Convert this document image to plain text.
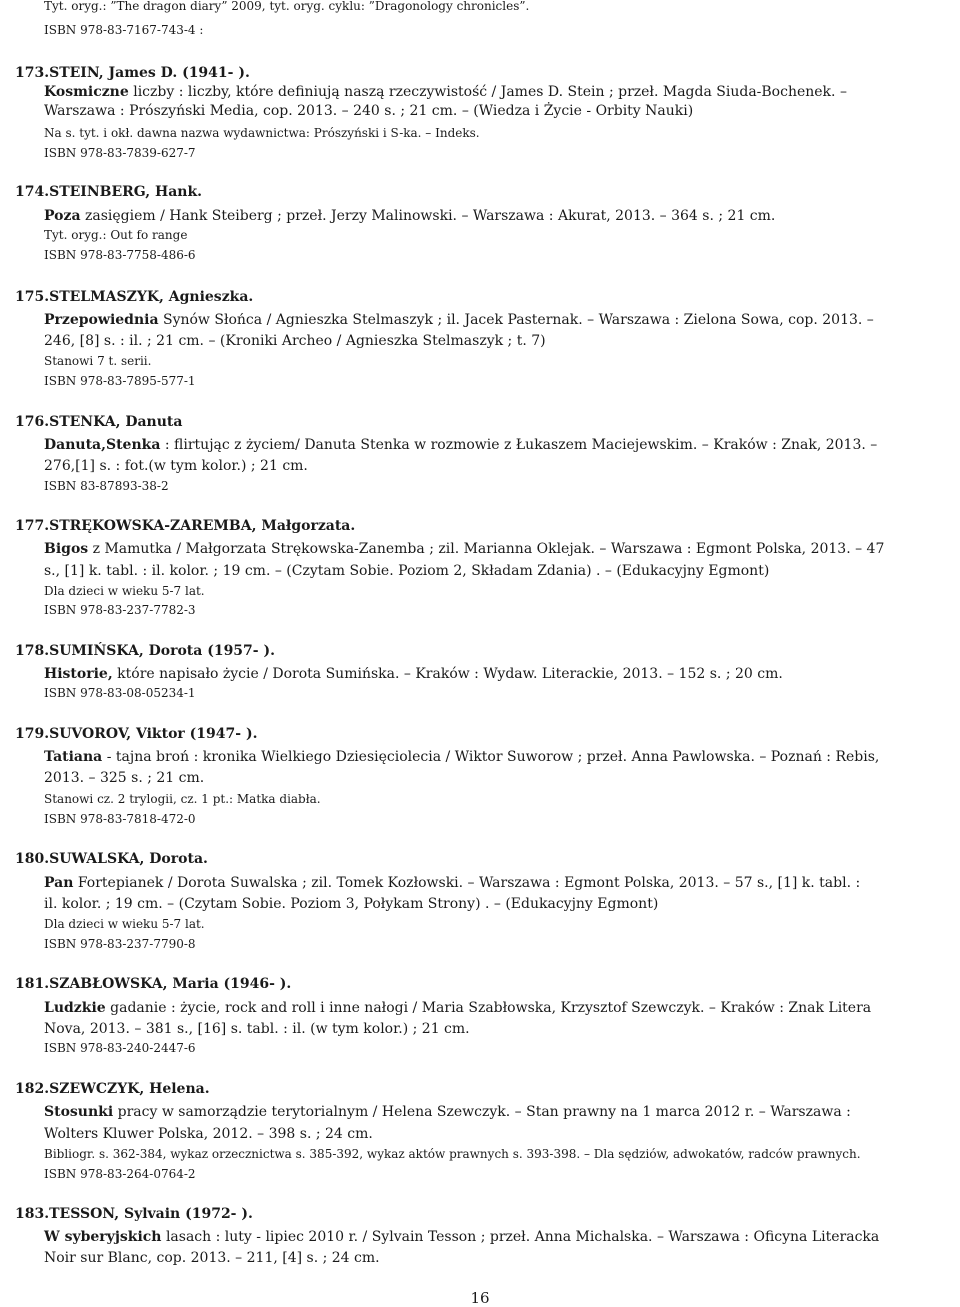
Tyt. oryg.: ”The dragon diary” 2009, tyt. oryg. cyklu: ”Dragonology chronicles”.
ISBN 978-83-7167-743-4 :
173.STEIN, James D. (1941- ).
Kosmiczne liczby : liczby, które definiują naszą rzeczywistość / James D. Stein ; przeł. Magda Siuda-Bochenek. –
Warszawa : Prószyński Media, cop. 2013. – 240 s. ; 21 cm. – (Wiedza i Życie - Orbity Nauki)
Na s. tyt. i okł. dawna nazwa wydawnictwa: Prószyński i S-ka. – Indeks.
ISBN 978-83-7839-627-7
174.STEINBERG, Hank.
Poza zasięgiem / Hank Steiberg ; przeł. Jerzy Malinowski. – Warszawa : Akurat, 2013. – 364 s. ; 21 cm.
Tyt. oryg.: Out fo range
ISBN 978-83-7758-486-6
175.STELMASZYK, Agnieszka.
Przepowiednia Synów Słońca / Agnieszka Stelmaszyk ; il. Jacek Pasternak. – Warszawa : Zielona Sowa, cop. 2013. –
246, [8] s. : il. ; 21 cm. – (Kroniki Archeo / Agnieszka Stelmaszyk ; t. 7)
Stanowi 7 t. serii.
ISBN 978-83-7895-577-1
176.STENKA, Danuta
Danuta,Stenka : flirtując z życiem/ Danuta Stenka w rozmowie z Łukaszem Maciejewskim. – Kraków : Znak, 2013. –
276,[1] s. : fot.(w tym kolor.) ; 21 cm.
ISBN 83-87893-38-2
177.STRĘKOWSKA-ZAREMBA, Małgorzata.
Bigos z Mamutka / Małgorzata Strękowska-Zanemba ; zil. Marianna Oklejak. – Warszawa : Egmont Polska, 2013. – 47
s., [1] k. tabl. : il. kolor. ; 19 cm. – (Czytam Sobie. Poziom 2, Składam Zdania) . – (Edukacyjny Egmont)
Dla dzieci w wieku 5-7 lat.
ISBN 978-83-237-7782-3
178.SUMIŃSKA, Dorota (1957- ).
Historie, które napisało życie / Dorota Sumińska. – Kraków : Wydaw. Literackie, 2013. – 152 s. ; 20 cm.
ISBN 978-83-08-05234-1
179.SUVOROV, Viktor (1947- ).
Tatiana - tajna broń : kronika Wielkiego Dziesięciolecia / Wiktor Suworow ; przeł. Anna Pawlowska. – Poznań : Rebis,
2013. – 325 s. ; 21 cm.
Stanowi cz. 2 trylogii, cz. 1 pt.: Matka diabła.
ISBN 978-83-7818-472-0
180.SUWALSKA, Dorota.
Pan Fortepianek / Dorota Suwalska ; zil. Tomek Kozłowski. – Warszawa : Egmont Polska, 2013. – 57 s., [1] k. tabl. :
il. kolor. ; 19 cm. – (Czytam Sobie. Poziom 3, Połykam Strony) . – (Edukacyjny Egmont)
Dla dzieci w wieku 5-7 lat.
ISBN 978-83-237-7790-8
181.SZABŁOWSKA, Maria (1946- ).
Ludzkie gadanie : życie, rock and roll i inne nałogi / Maria Szabłowska, Krzysztof Szewczyk. – Kraków : Znak Litera
Nova, 2013. – 381 s., [16] s. tabl. : il. (w tym kolor.) ; 21 cm.
ISBN 978-83-240-2447-6
182.SZEWCZYK, Helena.
Stosunki pracy w samorządzie terytorialnym / Helena Szewczyk. – Stan prawny na 1 marca 2012 r. – Warszawa :
Wolters Kluwer Polska, 2012. – 398 s. ; 24 cm.
Bibliogr. s. 362-384, wykaz orzecznictwa s. 385-392, wykaz aktów prawnych s. 393-398. – Dla sędziów, adwokatów, radców prawnych.
ISBN 978-83-264-0764-2
183.TESSON, Sylvain (1972- ).
W syberyjskich lasach : luty - lipiec 2010 r. / Sylvain Tesson ; przeł. Anna Michalska. – Warszawa : Oficyna Literacka
Noir sur Blanc, cop. 2013. – 211, [4] s. ; 24 cm.
16
